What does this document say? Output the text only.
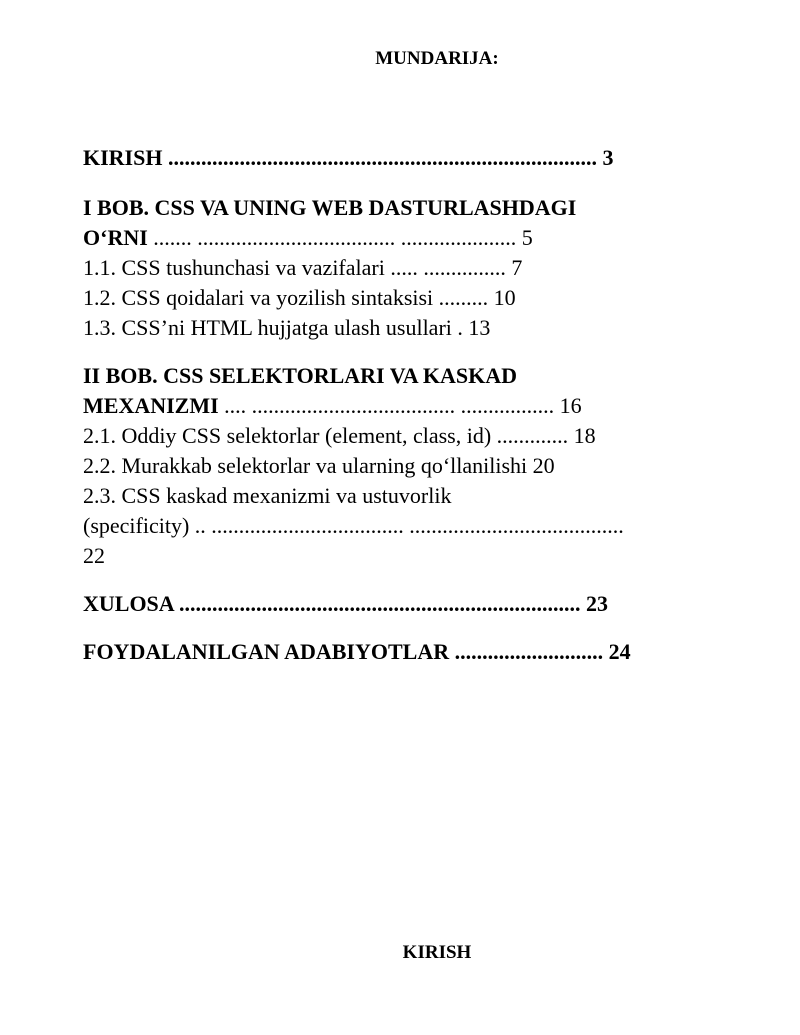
MUNDARIJA:
KIRISH .............................................................................. 3
I BOB. CSS VA UNING WEB DASTURLASHDAGI
O‘RNI ....... .................................... ..................... 5
1.1. CSS tushunchasi va vazifalari ..... ............... 7
1.2. CSS qoidalari va yozilish sintaksisi ......... 10
1.3. CSS’ni HTML hujjatga ulash usullari . 13
II BOB. CSS SELEKTORLARI VA KASKAD
MEXANIZMI .... ..................................... ................. 16
2.1. Oddiy CSS selektorlar (element, class, id) ............. 18
2.2. Murakkab selektorlar va ularning qo‘llanilishi 20
2.3. CSS kaskad mexanizmi va ustuvorlik
(specificity) .. ................................... .......................................
22
XULOSA ......................................................................... 23
FOYDALANILGAN ADABIYOTLAR ........................... 24
KIRISH
